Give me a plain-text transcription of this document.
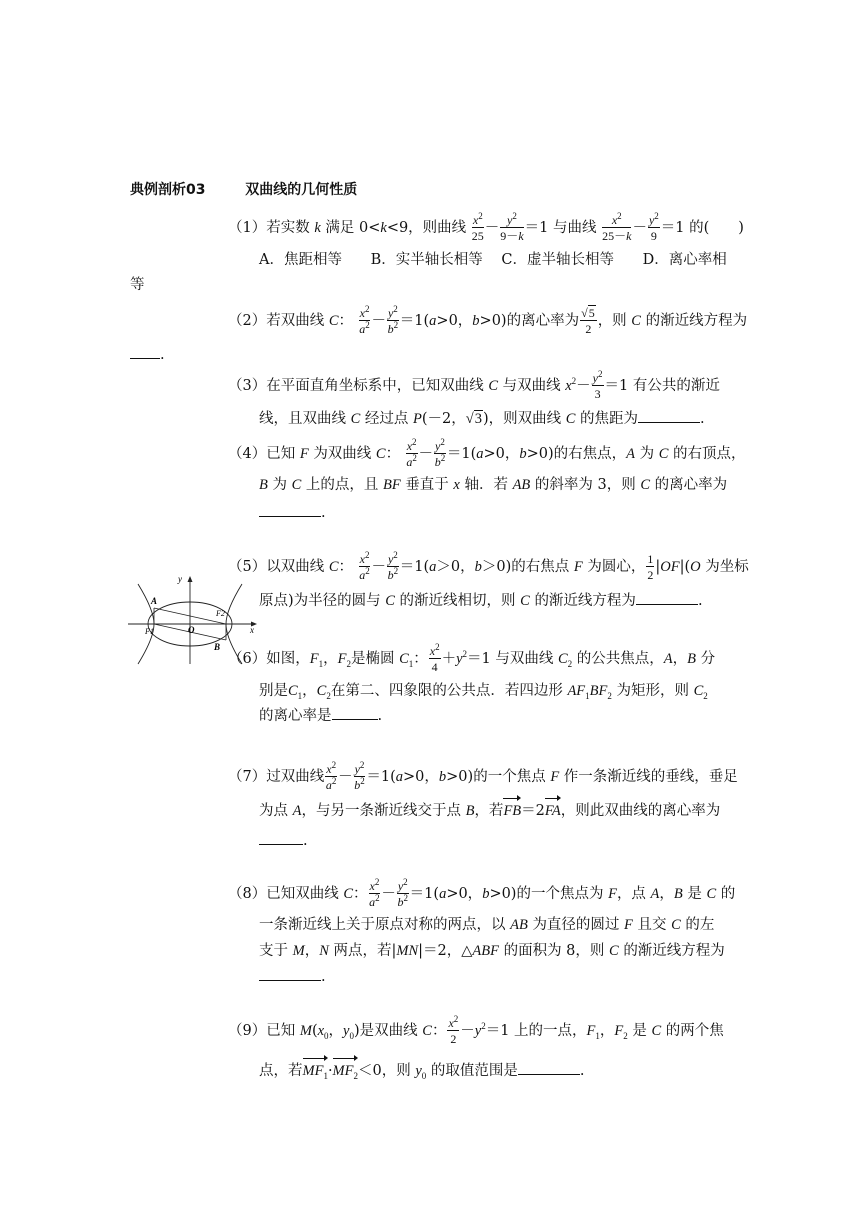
典例剖析03	双曲线的几何性质
（1）若实数 k 满足 0<k<9，则曲线 $\frac{x^2}{25} - \frac{y^2}{9-k} =1$ 与曲线 $\frac{x^2}{25-k} - \frac{y^2}{9} =1$ 的(　　)
A．焦距相等 B．实半轴长相等 C．虚半轴长相等 D．离心率相
等
（2）若双曲线 C： $\frac{x^2}{a^2} - \frac{y^2}{b^2} =1(a>0$，b>0)的离心率为 $\frac{√5}{2}$ ，则 C 的渐近线方程为
.
（3）在平面直角坐标系中，已知双曲线 C 与双曲线 $x^2- \frac{y^2}{3} =1$ 有公共的渐近
线，且双曲线 C 经过点 P(－2，√3)，则双曲线 C 的焦距为	.
（4）已知 F 为双曲线 C： $\frac{x^2}{a^2} - \frac{y^2}{b^2} =1(a>0$，b>0)的右焦点，A 为 C 的右顶点，
B 为 C 上的点，且 BF 垂直于 x 轴．若 AB 的斜率为 3，则 C 的离心率为
.
（5）以双曲线 C： $\frac{x^2}{a^2} - \frac{y^2}{b^2} =1(a>0$，b＞0)的右焦点 F 为圆心， $\frac{1}{2} |OF|(O$ 为坐标
原点)为半径的圆与 C 的渐近线相切，则 C 的渐近线方程为	.
y
A
F1	O
F2
x
B
（6）如图，$F_1$，$F_2$是椭圆 $C_1$： $\frac{x^2}{4} +y^2=1$ 与双曲线 $C_2$ 的公共焦点，A，B 分
别是$C_1$，$C_2$在第二、四象限的公共点．若四边形 $AF_1BF_2$ 为矩形，则 $C_2$
的离心率是	.
（7）过双曲线 $\frac{x^2}{a^2} - \frac{y^2}{b^2} =1(a>0$，b>0)的一个焦点 F 作一条渐近线的垂线，垂足
为点 A，与另一条渐近线交于点 B，若FB＝2FA，则此双曲线的离心率为
.
（8）已知双曲线 C： $\frac{x^2}{a^2} - \frac{y^2}{b^2} =1(a>0$，b>0)的一个焦点为 F，点 A，B 是 C 的
一条渐近线上关于原点对称的两点，以 AB 为直径的圆过 F 且交 C 的左
支于 M，N 两点，若|MN|＝2，△ABF 的面积为 8，则 C 的渐近线方程为
.
（9）已知 $M(x_0$，$y_0$)是双曲线 C： $\frac{x^2}{2} -y^2=1$ 上的一点，$F_1$，$F_2$ 是 C 的两个焦
点，若$MF_1\cdot MF_2<0$，则 $y_0$ 的取值范围是	.
